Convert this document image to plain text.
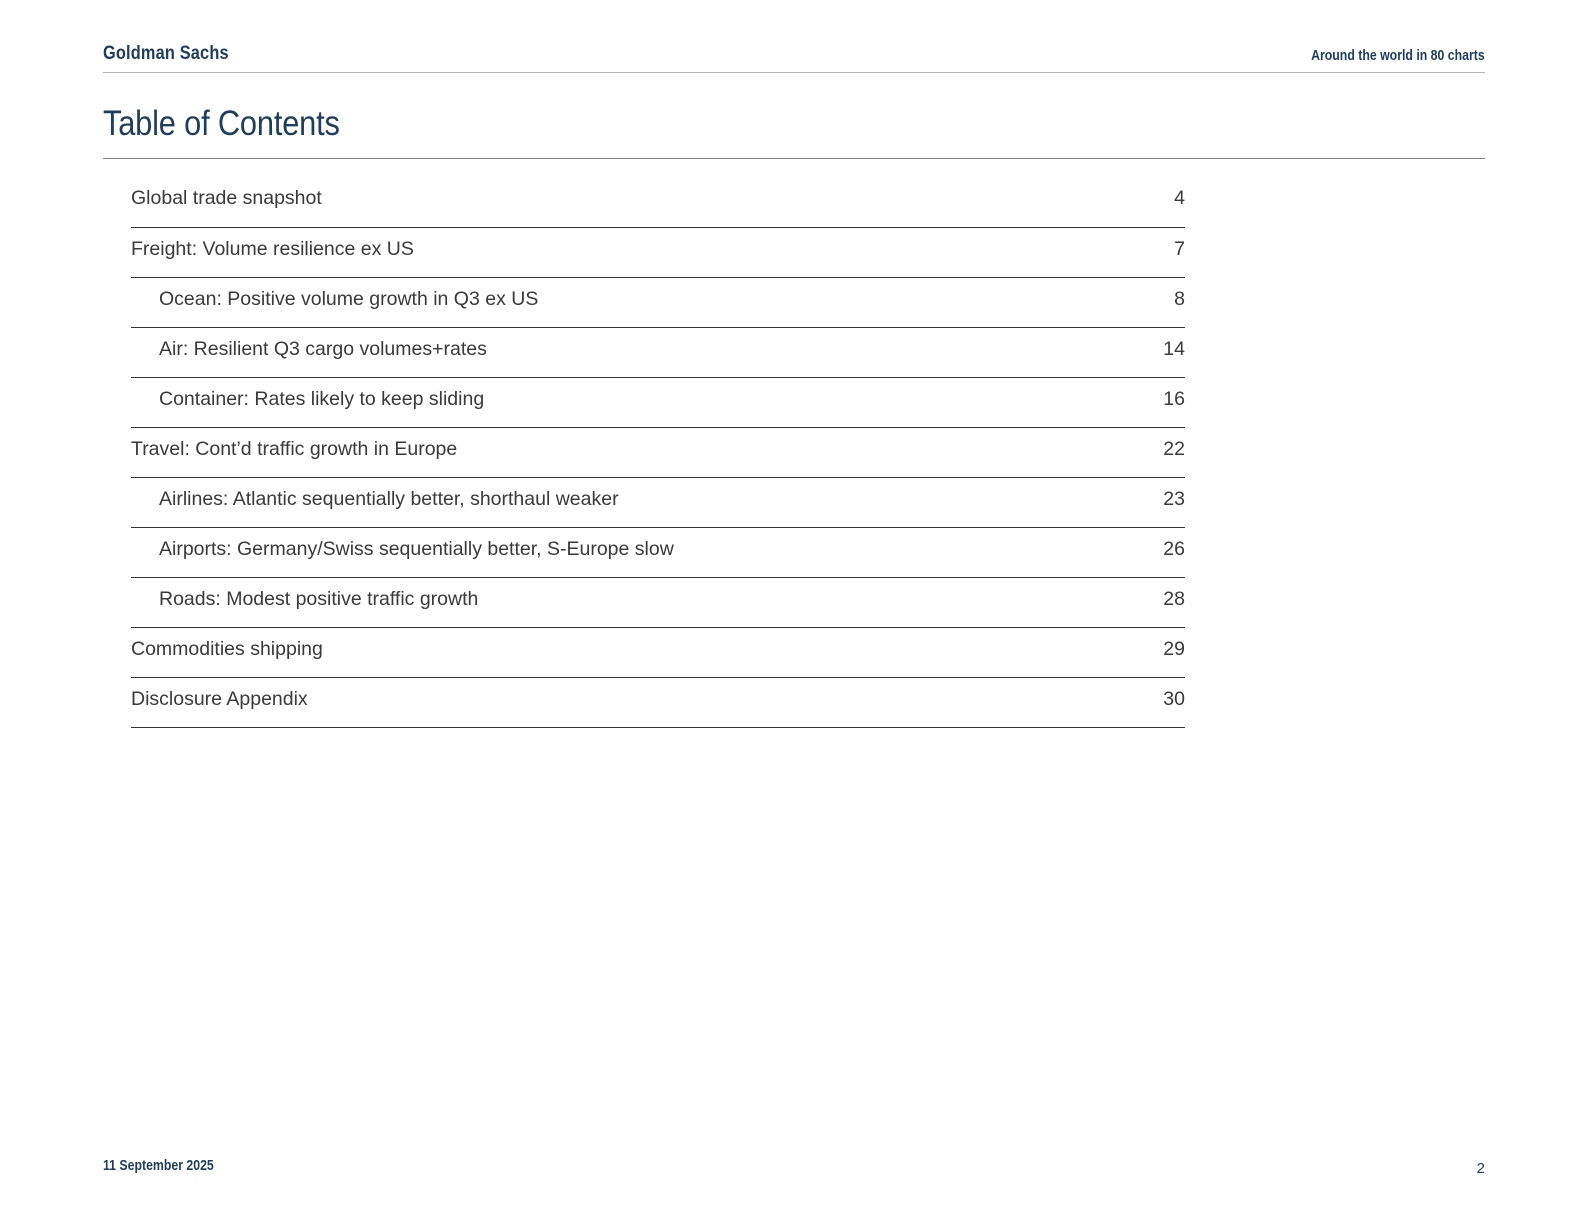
Goldman Sachs	Around the world in 80 charts
Table of Contents
Global trade snapshot	4
Freight: Volume resilience ex US	7
Ocean: Positive volume growth in Q3 ex US	8
Air: Resilient Q3 cargo volumes+rates	14
Container: Rates likely to keep sliding	16
Travel: Cont’d traffic growth in Europe	22
Airlines: Atlantic sequentially better, shorthaul weaker	23
Airports: Germany/Swiss sequentially better, S-Europe slow	26
Roads: Modest positive traffic growth	28
Commodities shipping	29
Disclosure Appendix	30
11 September 2025	2
